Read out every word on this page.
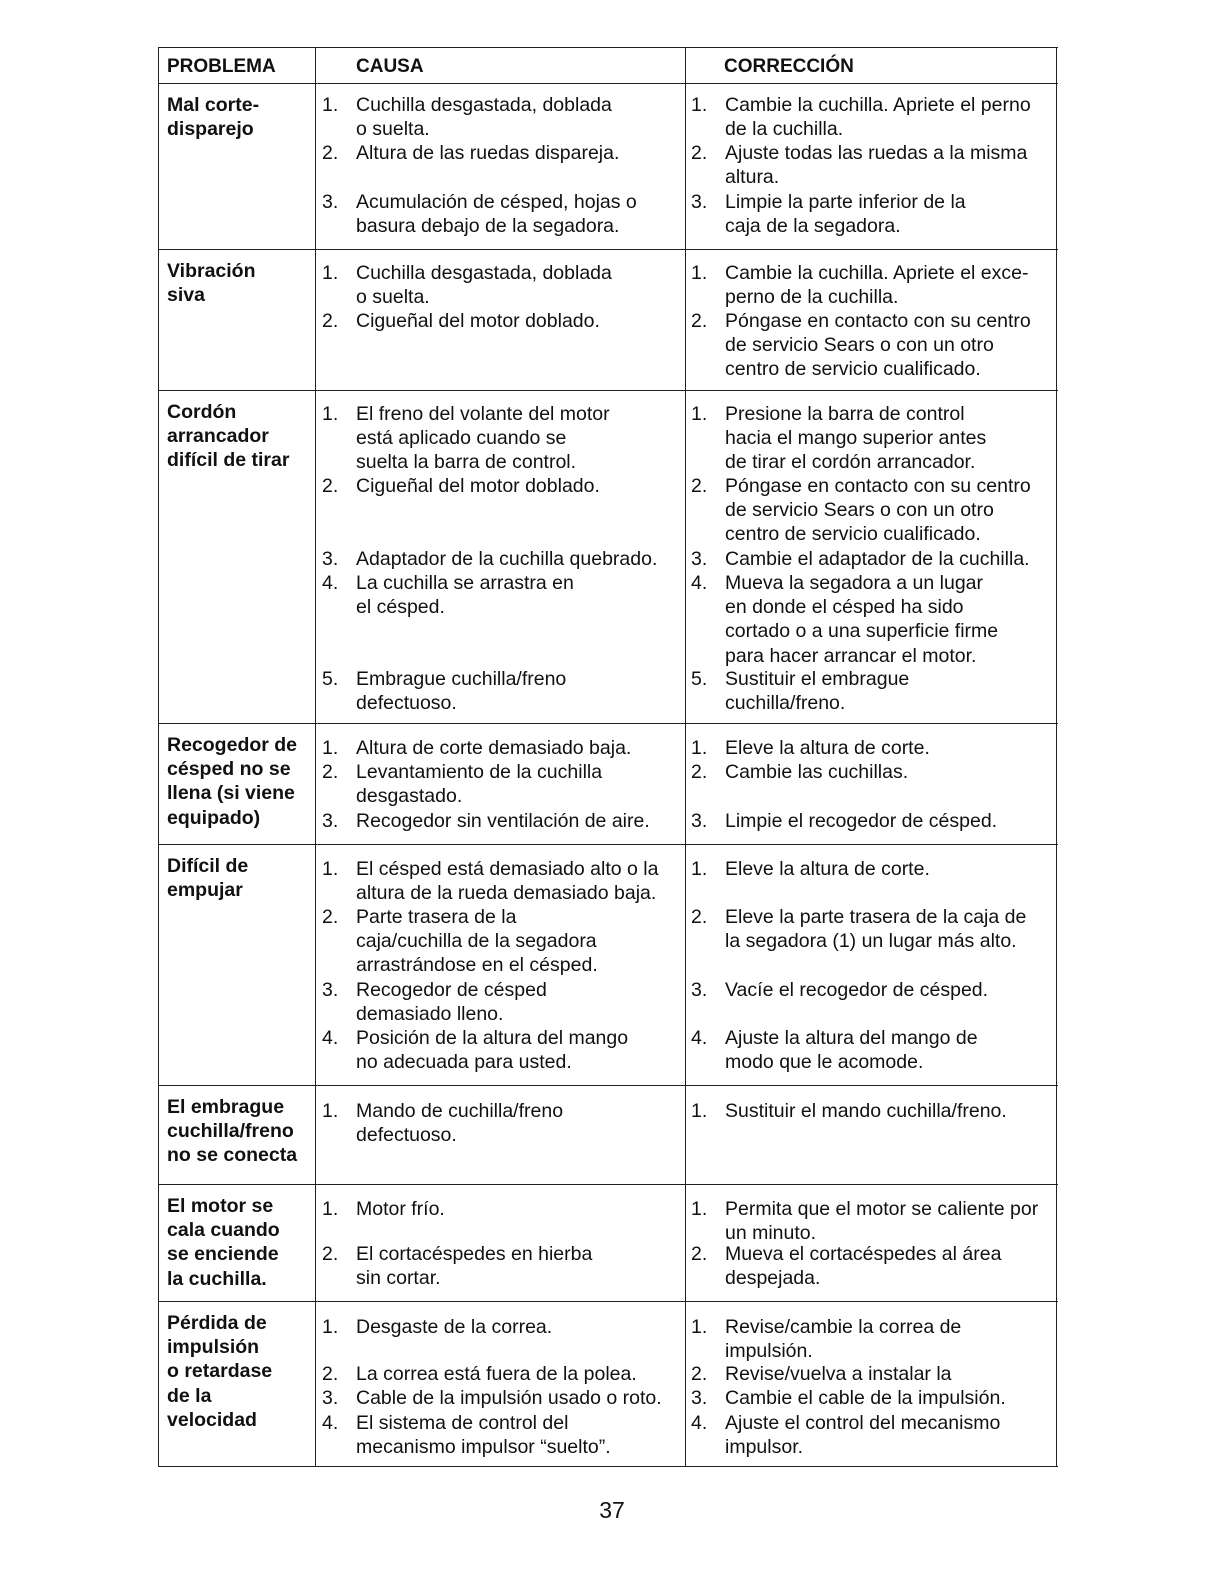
PROBLEMA	CAUSA	CORRECCIÓN
Mal corte-
disparejo
1. Cuchilla desgastada, doblada
o suelta.
2. Altura de las ruedas dispareja.
3. Acumulación de césped, hojas o
basura debajo de la segadora.
1. Cambie la cuchilla. Apriete el perno
de la cuchilla.
2. Ajuste todas las ruedas a la misma
altura.
3. Limpie la parte inferior de la
caja de la segadora.
Vibración
siva
1. Cuchilla desgastada, doblada
o suelta.
2. Cigueñal del motor doblado.
1. Cambie la cuchilla. Apriete el exce-
perno de la cuchilla.
2. Póngase en contacto con su centro
de servicio Sears o con un otro
centro de servicio cualificado.
Cordón
arrancador
difícil de tirar
1. El freno del volante del motor
está aplicado cuando se
suelta la barra de control.
2. Cigueñal del motor doblado.
3. Adaptador de la cuchilla quebrado.
4. La cuchilla se arrastra en
el césped.
5. Embrague cuchilla/freno
defectuoso.
1. Presione la barra de control
hacia el mango superior antes
de tirar el cordón arrancador.
2. Póngase en contacto con su centro
de servicio Sears o con un otro
centro de servicio cualificado.
3. Cambie el adaptador de la cuchilla.
4. Mueva la segadora a un lugar
en donde el césped ha sido
cortado o a una superficie firme
para hacer arrancar el motor.
5. Sustituir el embrague
cuchilla/freno.
Recogedor de
césped no se
llena (si viene
equipado)
1. Altura de corte demasiado baja.
2. Levantamiento de la cuchilla
desgastado.
3. Recogedor sin ventilación de aire.
1. Eleve la altura de corte.
2. Cambie las cuchillas.
3. Limpie el recogedor de césped.
Difícil de
empujar
1. El césped está demasiado alto o la
altura de la rueda demasiado baja.
2. Parte trasera de la
caja/cuchilla de la segadora
arrastrándose en el césped.
3. Recogedor de césped
demasiado lleno.
4. Posición de la altura del mango
no adecuada para usted.
1. Eleve la altura de corte.
2. Eleve la parte trasera de la caja de
la segadora (1) un lugar más alto.
3. Vacíe el recogedor de césped.
4. Ajuste la altura del mango de
modo que le acomode.
El embrague
cuchilla/freno
no se conecta
1. Mando de cuchilla/freno
defectuoso.
1. Sustituir el mando cuchilla/freno.
El motor se
cala cuando
se enciende
la cuchilla.
1. Motor frío.
2. El cortacéspedes en hierba
sin cortar.
1. Permita que el motor se caliente por
un minuto.
2. Mueva el cortacéspedes al área
despejada.
Pérdida de
impulsión
o retardase
de la
velocidad
1. Desgaste de la correa.
2. La correa está fuera de la polea.
3. Cable de la impulsión usado o roto.
4. El sistema de control del
mecanismo impulsor “suelto”.
1. Revise/cambie la correa de
impulsión.
2. Revise/vuelva a instalar la
3. Cambie el cable de la impulsión.
4. Ajuste el control del mecanismo
impulsor.
37
